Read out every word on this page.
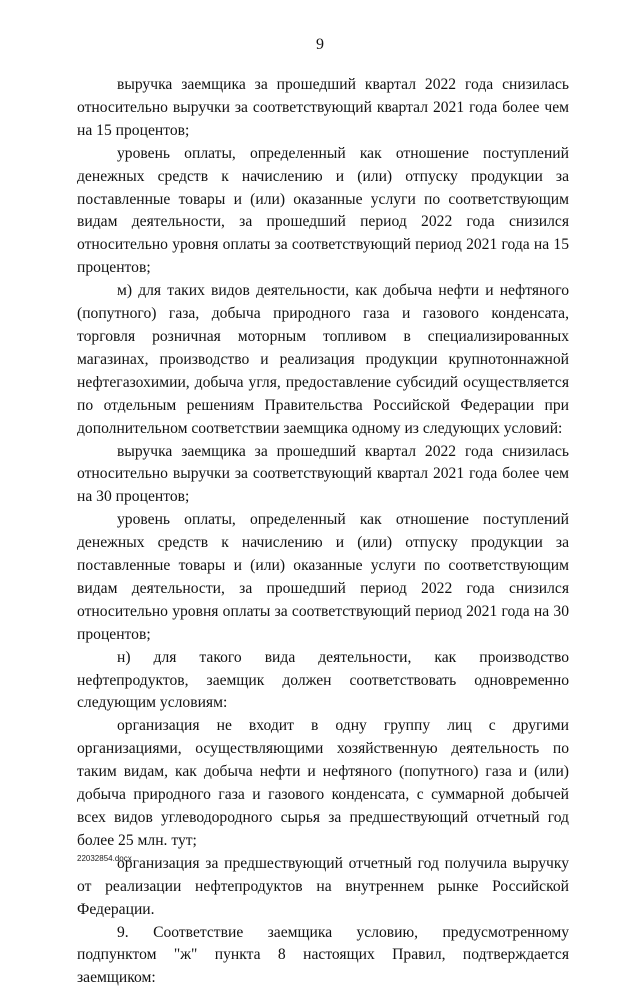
9

выручка заемщика за прошедший квартал 2022 года снизилась относительно выручки за соответствующий квартал 2021 года более чем на 15 процентов;

уровень оплаты, определенный как отношение поступлений денежных средств к начислению и (или) отпуску продукции за поставленные товары и (или) оказанные услуги по соответствующим видам деятельности, за прошедший период 2022 года снизился относительно уровня оплаты за соответствующий период 2021 года на 15 процентов;

м) для таких видов деятельности, как добыча нефти и нефтяного (попутного) газа, добыча природного газа и газового конденсата, торговля розничная моторным топливом в специализированных магазинах, производство и реализация продукции крупнотоннажной нефтегазохимии, добыча угля, предоставление субсидий осуществляется по отдельным решениям Правительства Российской Федерации при дополнительном соответствии заемщика одному из следующих условий:

выручка заемщика за прошедший квартал 2022 года снизилась относительно выручки за соответствующий квартал 2021 года более чем на 30 процентов;

уровень оплаты, определенный как отношение поступлений денежных средств к начислению и (или) отпуску продукции за поставленные товары и (или) оказанные услуги по соответствующим видам деятельности, за прошедший период 2022 года снизился относительно уровня оплаты за соответствующий период 2021 года на 30 процентов;

н) для такого вида деятельности, как производство нефтепродуктов, заемщик должен соответствовать одновременно следующим условиям:

организация не входит в одну группу лиц с другими организациями, осуществляющими хозяйственную деятельность по таким видам, как добыча нефти и нефтяного (попутного) газа и (или) добыча природного газа и газового конденсата, с суммарной добычей всех видов углеводородного сырья за предшествующий отчетный год более 25 млн. тут;

организация за предшествующий отчетный год получила выручку от реализации нефтепродуктов на внутреннем рынке Российской Федерации.

9. Соответствие заемщика условию, предусмотренному подпунктом "ж" пункта 8 настоящих Правил, подтверждается заемщиком:

22032854.docx
